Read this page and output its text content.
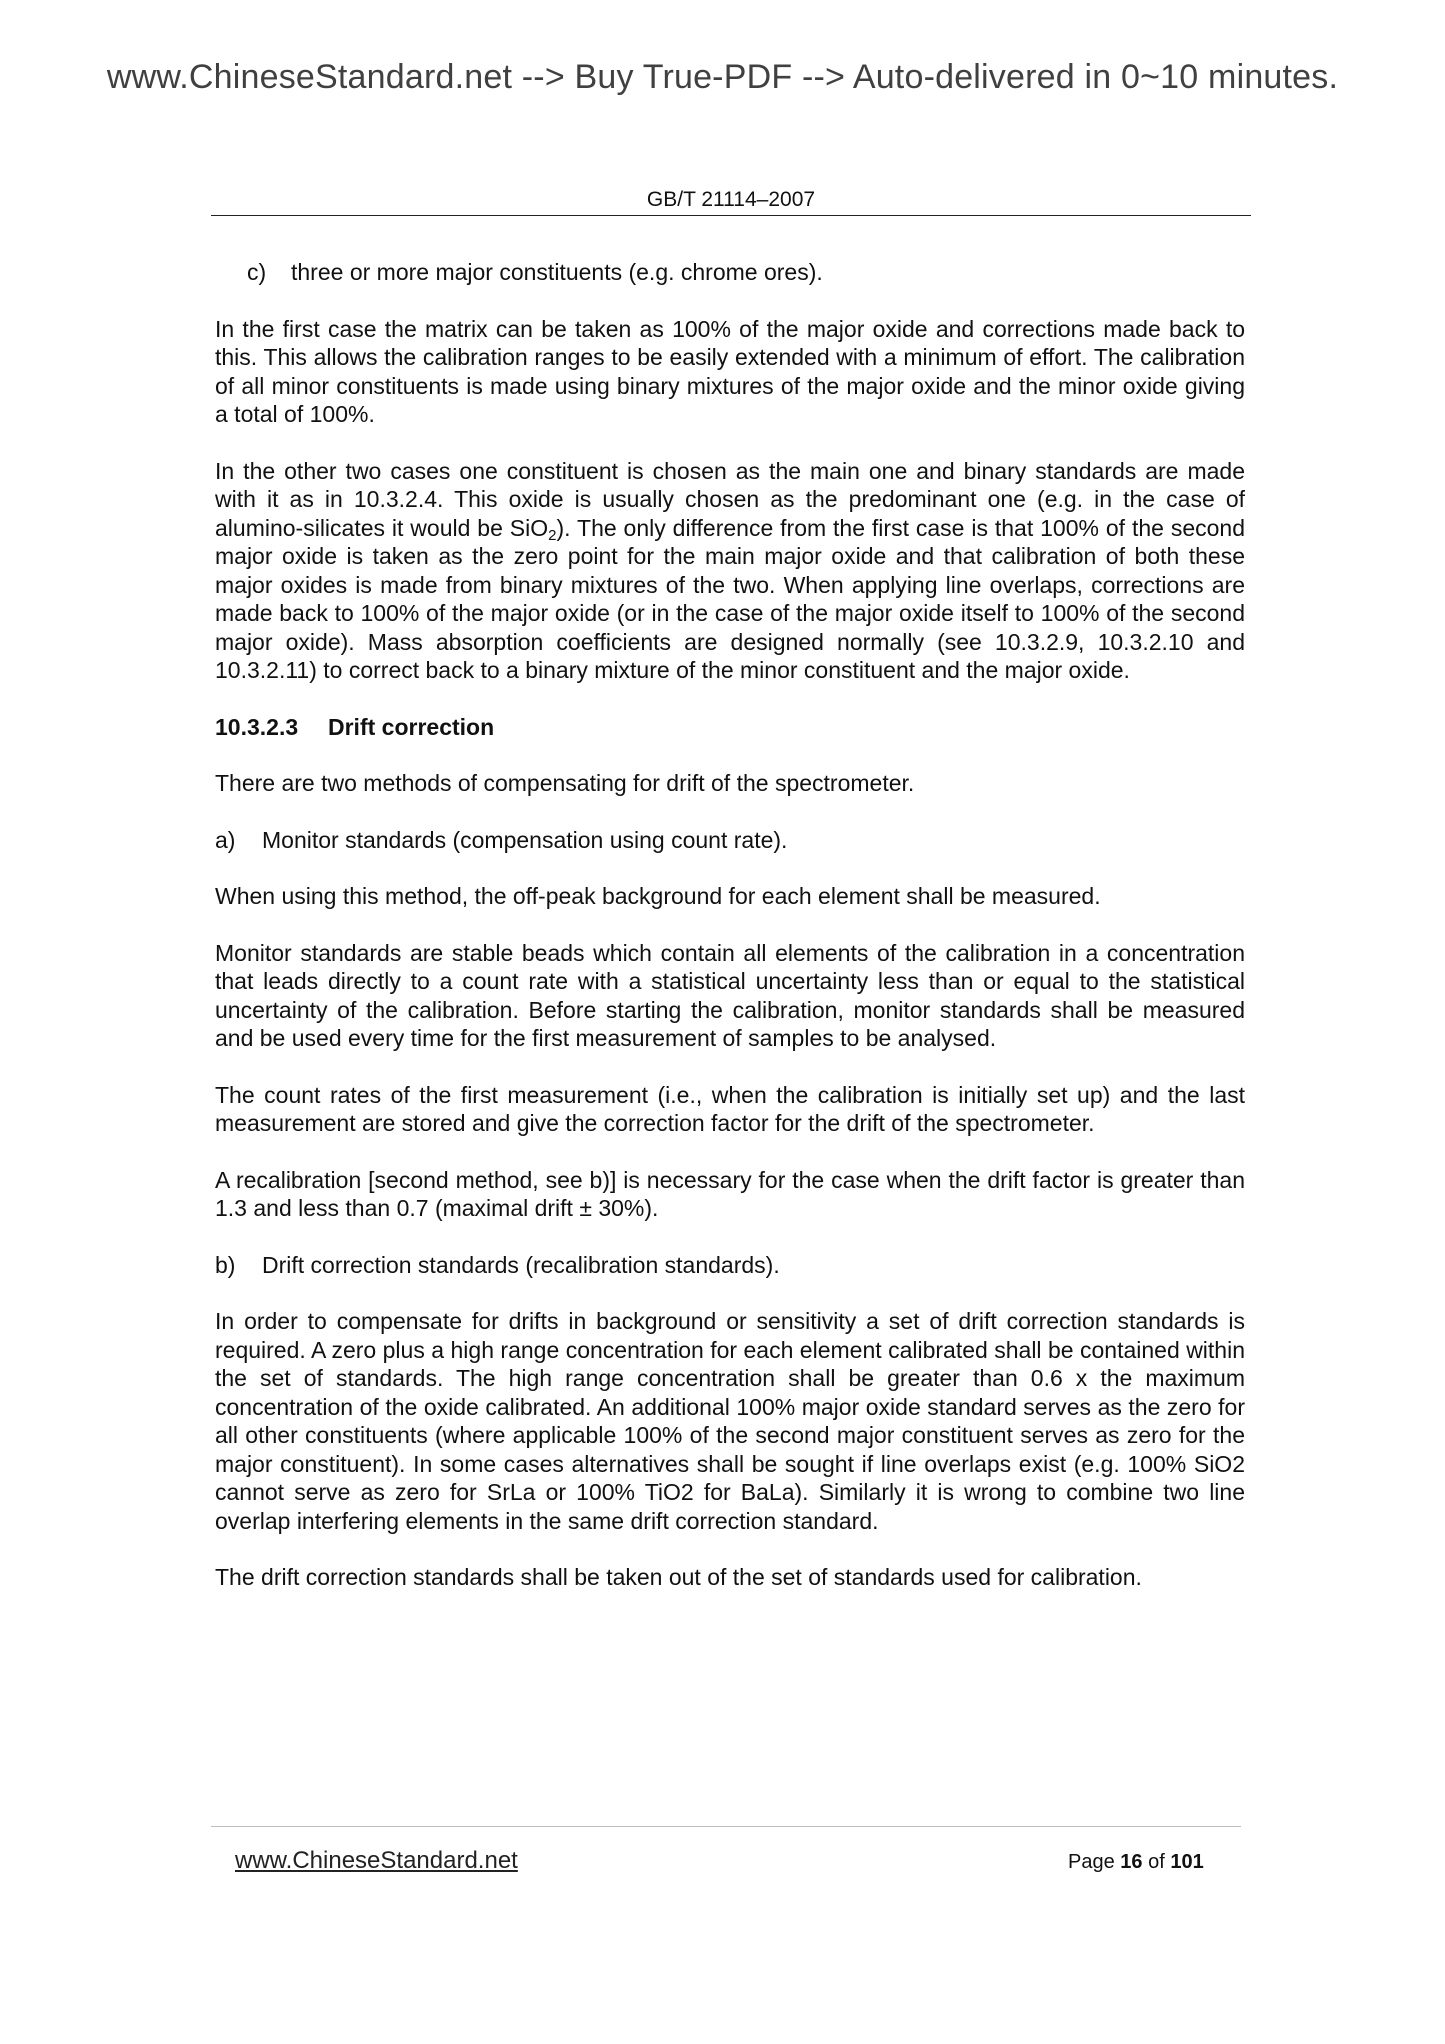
www.ChineseStandard.net --> Buy True-PDF --> Auto-delivered in 0~10 minutes.
GB/T 21114–2007
c)	three or more major constituents (e.g. chrome ores).

In the first case the matrix can be taken as 100% of the major oxide and corrections made back to this. This allows the calibration ranges to be easily extended with a minimum of effort. The calibration of all minor constituents is made using binary mixtures of the major oxide and the minor oxide giving a total of 100%.

In the other two cases one constituent is chosen as the main one and binary standards are made with it as in 10.3.2.4. This oxide is usually chosen as the predominant one (e.g. in the case of alumino-silicates it would be SiO$_2$). The only difference from the first case is that 100% of the second major oxide is taken as the zero point for the main major oxide and that calibration of both these major oxides is made from binary mixtures of the two. When applying line overlaps, corrections are made back to 100% of the major oxide (or in the case of the major oxide itself to 100% of the second major oxide). Mass absorption coefficients are designed normally (see 10.3.2.9, 10.3.2.10 and 10.3.2.11) to correct back to a binary mixture of the minor constituent and the major oxide.

10.3.2.3	Drift correction

There are two methods of compensating for drift of the spectrometer.

a)	Monitor standards (compensation using count rate).

When using this method, the off-peak background for each element shall be measured.

Monitor standards are stable beads which contain all elements of the calibration in a concentration that leads directly to a count rate with a statistical uncertainty less than or equal to the statistical uncertainty of the calibration. Before starting the calibration, monitor standards shall be measured and be used every time for the first measurement of samples to be analysed.

The count rates of the first measurement (i.e., when the calibration is initially set up) and the last measurement are stored and give the correction factor for the drift of the spectrometer.

A recalibration [second method, see b)] is necessary for the case when the drift factor is greater than 1.3 and less than 0.7 (maximal drift ± 30%).

b)	Drift correction standards (recalibration standards).

In order to compensate for drifts in background or sensitivity a set of drift correction standards is required. A zero plus a high range concentration for each element calibrated shall be contained within the set of standards. The high range concentration shall be greater than 0.6 x the maximum concentration of the oxide calibrated. An additional 100% major oxide standard serves as the zero for all other constituents (where applicable 100% of the second major constituent serves as zero for the major constituent). In some cases alternatives shall be sought if line overlaps exist (e.g. 100% SiO2 cannot serve as zero for SrLa or 100% TiO2 for BaLa). Similarly it is wrong to combine two line overlap interfering elements in the same drift correction standard.

The drift correction standards shall be taken out of the set of standards used for calibration.

www.ChineseStandard.net	Page 16 of 101
